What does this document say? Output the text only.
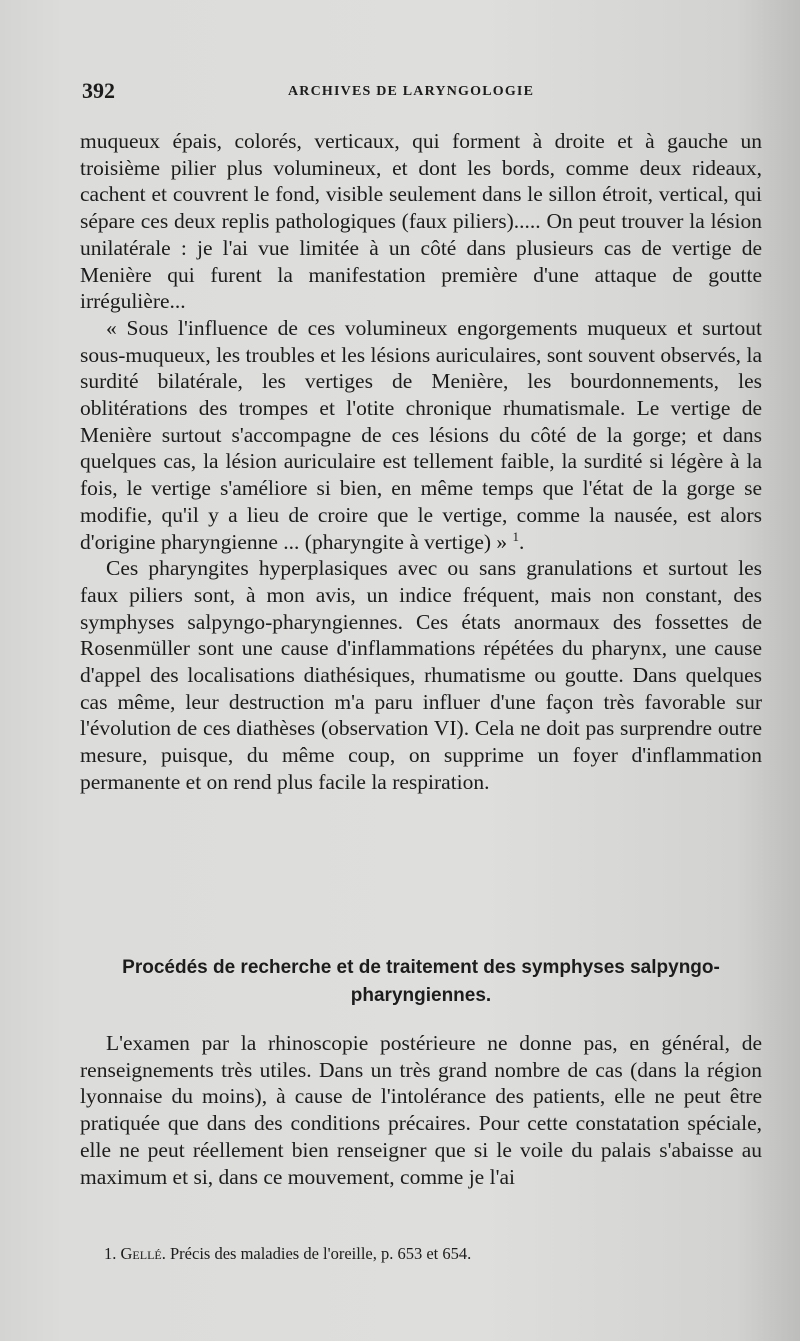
392	ARCHIVES DE LARYNGOLOGIE

muqueux épais, colorés, verticaux, qui forment à droite et à gauche un troisième pilier plus volumineux, et dont les bords, comme deux rideaux, cachent et couvrent le fond, visible seulement dans le sillon étroit, vertical, qui sépare ces deux replis pathologiques (faux piliers)..... On peut trouver la lésion unilatérale : je l'ai vue limitée à un côté dans plusieurs cas de vertige de Menière qui furent la manifestation première d'une attaque de goutte irrégulière...

« Sous l'influence de ces volumineux engorgements muqueux et surtout sous-muqueux, les troubles et les lésions auriculaires, sont souvent observés, la surdité bilatérale, les vertiges de Menière, les bourdonnements, les oblitérations des trompes et l'otite chronique rhumatismale. Le vertige de Menière surtout s'accompagne de ces lésions du côté de la gorge; et dans quelques cas, la lésion auriculaire est tellement faible, la surdité si légère à la fois, le vertige s'améliore si bien, en même temps que l'état de la gorge se modifie, qu'il y a lieu de croire que le vertige, comme la nausée, est alors d'origine pharyngienne ... (pharyngite à vertige) » $^1$.

Ces pharyngites hyperplasiques avec ou sans granulations et surtout les faux piliers sont, à mon avis, un indice fréquent, mais non constant, des symphyses salpyngo-pharyngiennes. Ces états anormaux des fossettes de Rosenmüller sont une cause d'inflammations répétées du pharynx, une cause d'appel des localisations diathésiques, rhumatisme ou goutte. Dans quelques cas même, leur destruction m'a paru influer d'une façon très favorable sur l'évolution de ces diathèses (observation VI). Cela ne doit pas surprendre outre mesure, puisque, du même coup, on supprime un foyer d'inflammation permanente et on rend plus facile la respiration.

Procédés de recherche et de traitement des symphyses salpyngo-pharyngiennes.

L'examen par la rhinoscopie postérieure ne donne pas, en général, de renseignements très utiles. Dans un très grand nombre de cas (dans la région lyonnaise du moins), à cause de l'intolérance des patients, elle ne peut être pratiquée que dans des conditions précaires. Pour cette constatation spéciale, elle ne peut réellement bien renseigner que si le voile du palais s'abaisse au maximum et si, dans ce mouvement, comme je l'ai

1. Gellé. Précis des maladies de l'oreille, p. 653 et 654.
